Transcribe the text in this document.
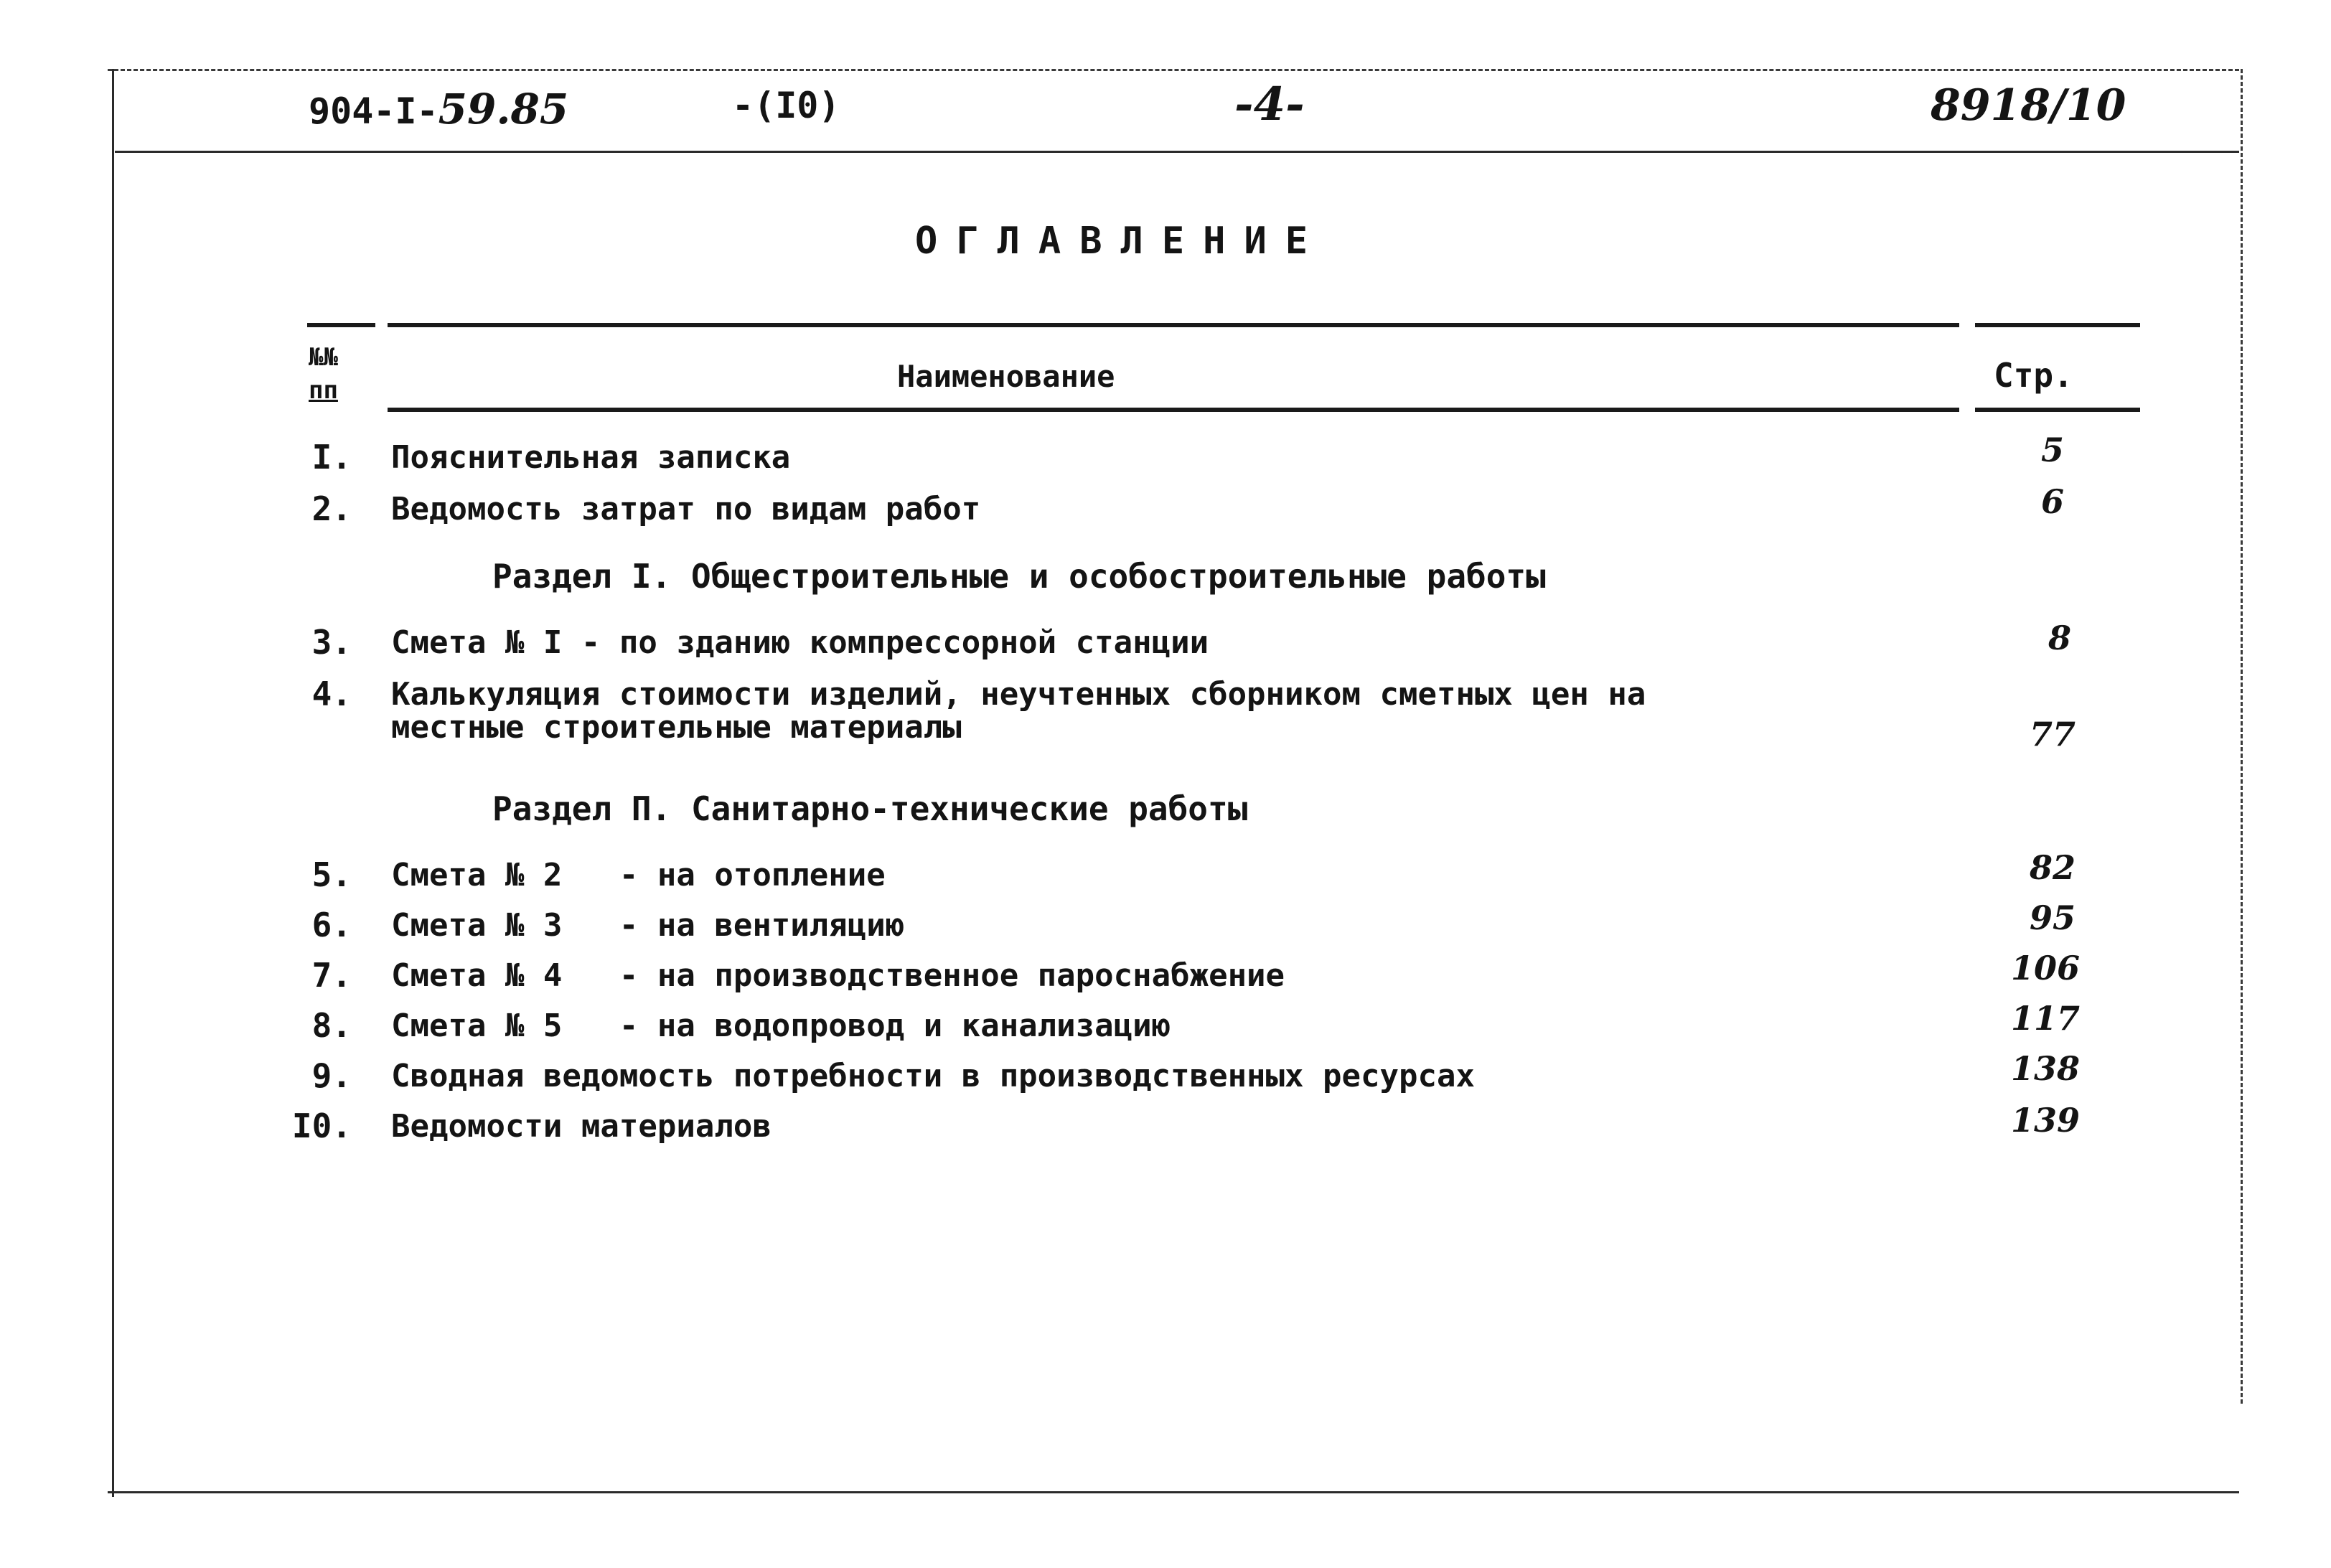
904-I-59.85	-(I0)	-4-	8918/10
ОГЛАВЛЕНИЕ
№№
пп	Наименование	Стр.
I. Пояснительная записка	5
2. Ведомость затрат по видам работ	6
Раздел I. Общестроительные и особостроительные работы
3. Смета № I - по зданию компрессорной станции	8
4. Калькуляция стоимости изделий, неучтенных сборником сметных цен на
местные строительные материалы	77
Раздел П. Санитарно-технические работы
5. Смета № 2   - на отопление	82
6. Смета № 3   - на вентиляцию	95
7. Смета № 4   - на производственное пароснабжение	106
8. Смета № 5   - на водопровод и канализацию	117
9. Сводная ведомость потребности в производственных ресурсах	138
I0. Ведомости материалов	139
